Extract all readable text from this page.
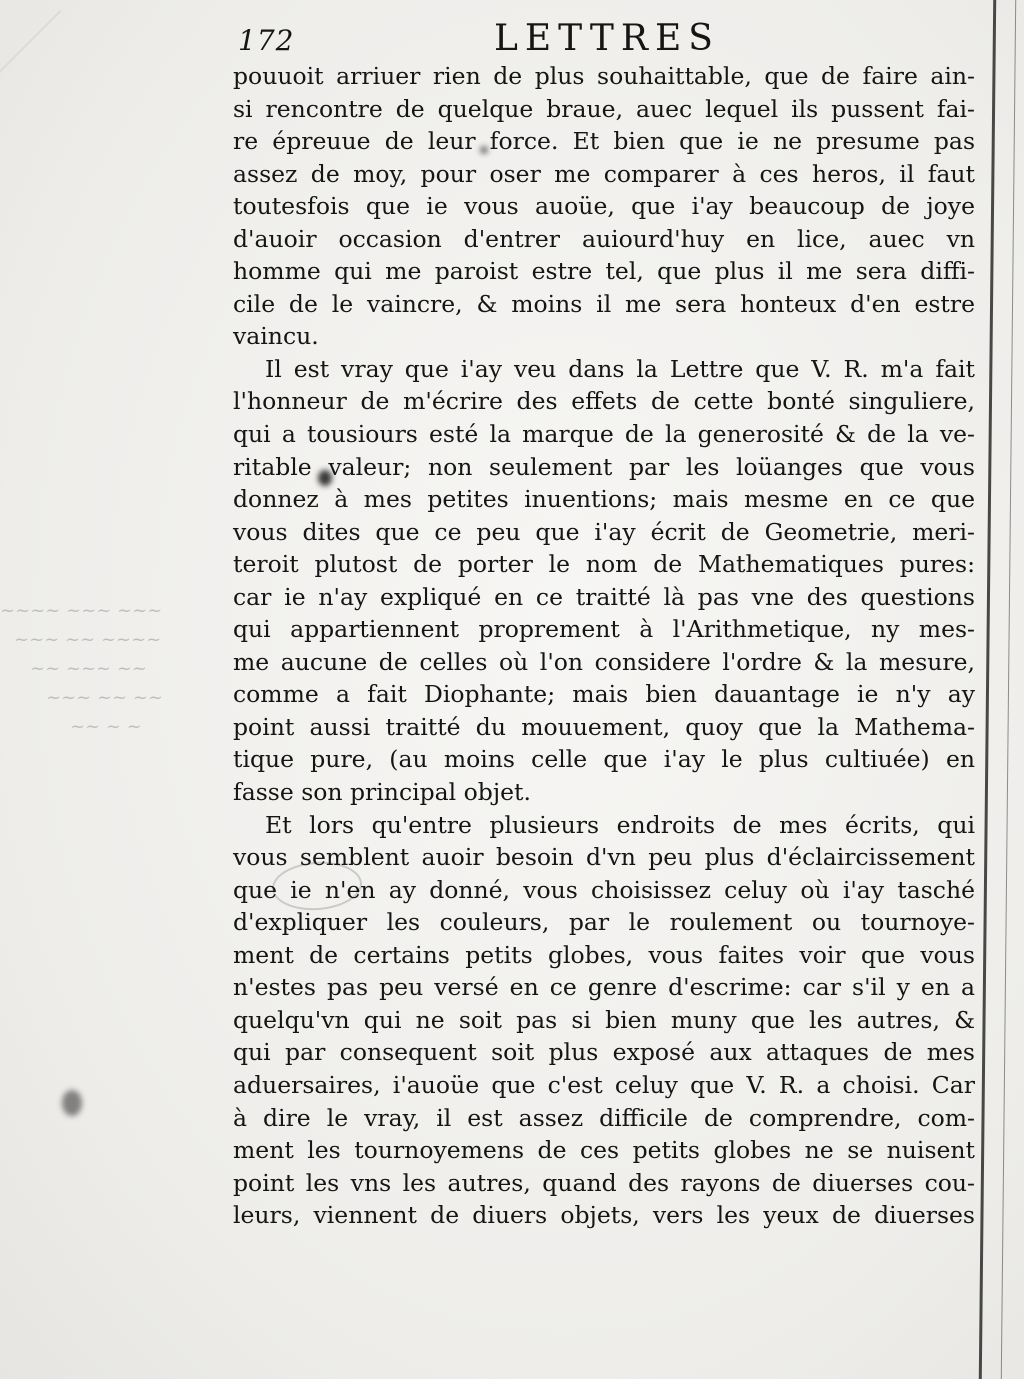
172	LETTRES
~~~~ ~~~ ~~~
~~~ ~~ ~~~~
~~ ~~~ ~~
~~~ ~~ ~~
~~ ~ ~
pouuoit arriuer rien de plus souhaittable, que de faire ain-
si rencontre de quelque braue, auec lequel ils pussent fai-
re épreuue de leur force. Et bien que ie ne presume pas
assez de moy, pour oser me comparer à ces heros, il faut
toutesfois que ie vous auoüe, que i'ay beaucoup de joye
d'auoir occasion d'entrer auiourd'huy en lice, auec vn
homme qui me paroist estre tel, que plus il me sera diffi-
cile de le vaincre, & moins il me sera honteux d'en estre
vaincu.
Il est vray que i'ay veu dans la Lettre que V. R. m'a fait
l'honneur de m'écrire des effets de cette bonté singuliere,
qui a tousiours esté la marque de la generosité & de la ve-
ritable valeur; non seulement par les loüanges que vous
donnez à mes petites inuentions; mais mesme en ce que
vous dites que ce peu que i'ay écrit de Geometrie, meri-
teroit plutost de porter le nom de Mathematiques pures:
car ie n'ay expliqué en ce traitté là pas vne des questions
qui appartiennent proprement à l'Arithmetique, ny mes-
me aucune de celles où l'on considere l'ordre & la mesure,
comme a fait Diophante; mais bien dauantage ie n'y ay
point aussi traitté du mouuement, quoy que la Mathema-
tique pure, (au moins celle que i'ay le plus cultiuée) en
fasse son principal objet.
Et lors qu'entre plusieurs endroits de mes écrits, qui
vous semblent auoir besoin d'vn peu plus d'éclaircissement
que ie n'en ay donné, vous choisissez celuy où i'ay tasché
d'expliquer les couleurs, par le roulement ou tournoye-
ment de certains petits globes, vous faites voir que vous
n'estes pas peu versé en ce genre d'escrime: car s'il y en a
quelqu'vn qui ne soit pas si bien muny que les autres, &
qui par consequent soit plus exposé aux attaques de mes
aduersaires, i'auoüe que c'est celuy que V. R. a choisi. Car
à dire le vray, il est assez difficile de comprendre, com-
ment les tournoyemens de ces petits globes ne se nuisent
point les vns les autres, quand des rayons de diuerses cou-
leurs, viennent de diuers objets, vers les yeux de diuerses
